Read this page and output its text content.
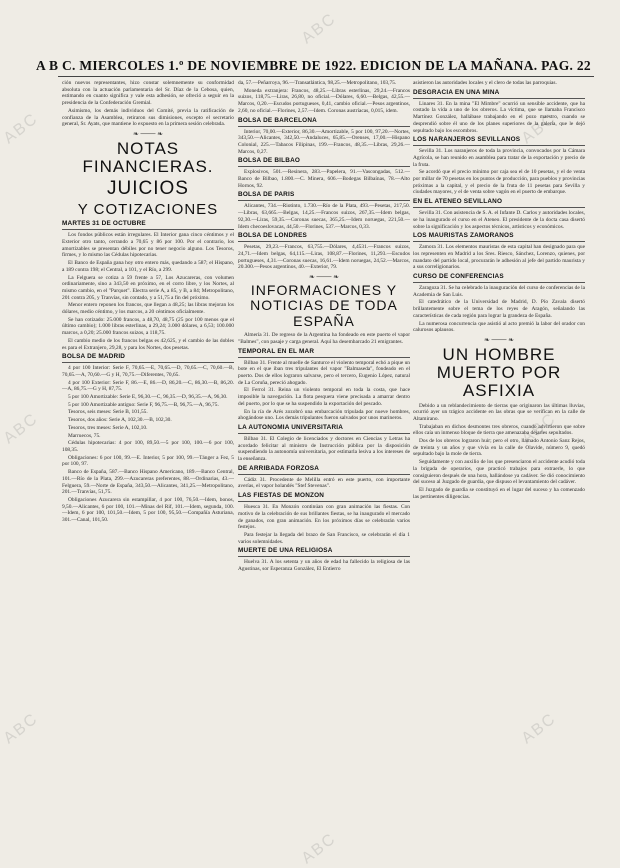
ABC
ABC
ABC
ABC
ABC
ABC
ABC
ABC
A B C. MIERCOLES 1.º DE NOVIEMBRE DE 1922. EDICION DE LA MAÑANA. PAG. 22

ción nuevos representantes, hizo constar solemnemente su conformidad absoluta con la actuación parlamentaria del Sr. Díaz de la Cebosa, quien, estimando en cuanto significa y vale esta adhesión, se ofreció a seguir en la presidencia de la Confederación Gremial.

Asimismo, los demás individuos del Comité, previa la ratificación de confianza de la Asamblea, retiraron sus dimisiones, excepto el secretario general, Sr. Ayats, que mantiene lo expuesto en la primera sesión celebrada.

❧ ─── ❧
NOTAS FINANCIERAS.
JUICIOS
Y COTIZACIONES
MARTES 31 DE OCTUBRE

Los fondos públicos están irregulares. El Interior gana cinco céntimos y el Exterior otro tanto, cerrando a 70,65 y 86 por 100. Por el contrario, los amortizables se presentan débiles por no tener negocio alguno. Los Tesoros, firmes, y lo mismo las Cédulas hipotecarias.

El Banco de España gana hoy otro entero más, quedando a 587; el Hispano, a 189 contra 198; el Central, a 101, y el Río, a 299.

La Felguera se cotiza a 59 frente a 57, Los Azucareras, con volumen ordinariamente, sino a 343,50 en próximo, en el corro libre, y los Nortes, al mismo cambio, en el "Parquet". Electra serie A, a 85, y B, a 84; Metropolitano, 201 contra 205, y Tranvías, sin contado, y a 51,75 a fin del próximo.

Menor entero reponen los francos, que llegan a 48,25; las libras mejoran los dólares, medio céntimo, y los marcos, a 20 céntimos oficialmente.

Se han cotizado: 25.000 francos, a 48,70, 48,75 (25 por 100 menos que el último cambio); 1.000 libras esterlinas, a 29,24; 3.000 dólares, a 6,53; 100.000 marcos, a 0,20; 25.000 francos suizos, a 118,75.

El cambio medio de los francos belgas es 42,625, y el cambio de las dobles es para el Extranjero, 29,28, y para los Nortes, dos pesetas.

BOLSA DE MADRID

4 por 100 Interior: Serie F, 70,65.—E, 70,65.—D, 70,65.—C, 70,60.—B, 70,65.—A, 70,60.—G y H, 70,75.—Diferentes, 70,65.

4 por 100 Exterior: Serie F, 86.—E, 86.—D, 86,20.—C, 86,30.—B, 86,20.—A, 86,75.—G y H, 87,75.

5 por 100 Amortizable: Serie E, 96,30.—C, 96,35.—D, 96,35.—A, 96,30.

5 por 100 Amortizable antiguo: Serie F, 96,75.—B, 96,75.—A, 96,75.

Tesoros, seis meses: Serie B, 101,55.

Tesoros, dos años: Serie A, 102,30.—B, 102,30.

Tesoros, tres meses: Serie A, 102,10.

Marruecos, 75.

Cédulas hipotecarias: 4 por 100, 89,50.—5 por 100, 100.—6 por 100, 108,35.

Obligaciones: 6 por 100, 99.—E. Interior, 5 por 100, 99.—Tánger a Fez, 5 por 100, 97.

Banco de España, 587.—Banco Hispano Americano, 189.—Banco Central, 101.—Río de la Plata, 299.—Azucareras preferentes, 88.—Ordinarias, 43.—Felguera, 59.—Norte de España, 343,50.—Alicantes, 341,25.—Metropolitano, 201.—Tranvías, 51,75.

Obligaciones Azucarera sin estampillar, 4 por 100, 76,50.—Idem, bonos, 9,50.—Alicantes, 6 por 100, 101.—Minas del Rif, 101.—Idem, segunda, 100.—Idem, 6 por 100, 101,50.—Idem, 5 por 100, 95,50.—Compañía Asturiana, 301.—Canal, 101,50.

da, 57.—Peñarroya, 96.—Transatlántica, 98,25.—Metropolitano, 103,75.

Moneda extranjera: Francos, 48,25.—Libras esterlinas, 29,24.—Francos suizos, 118,75.—Liras, 26,80, no oficial.—Dólares, 6,60.—Belgas, 42,55.—Marcos, 0,20.—Escudos portugueses, 0,41, cambio oficial.—Pesos argentinos, 2,60, no oficial.—Florines, 2,57.—Idem. Coronas austríacas, 0,015, idem.

BOLSA DE BARCELONA

Interior, 70,00.—Exterior, 86,30.—Amortizable, 5 por 100, 97,20.—Nortes, 343,50.—Alicantes, 342,50.—Andaluces, 65,85.—Orenses, 17,00.—Hispano Colonial, 225.—Tabacos Filipinas, 199.—Francos, 48,35.—Libras, 29,26.—Marcos, 0,27.

BOLSA DE BILBAO

Explosivos, 501.—Resinera, 283.—Papelera, 91.—Vascongadas, 512.—Banco de Bilbao, 1.800.—C. Minera, 606.—Bodegas Bilbaínas, 78.—Alto Hornos, 92.

BOLSA DE PARIS

Alicantes, 734.—Riotinto, 1.730.—Río de la Plata, 493.—Pesetas, 217,50.—Libras, 63,665.—Belgas, 14,25.—Francos suizos, 267,35.—Idem belgas, 92,30.—Liras, 59,35.—Coronas suecas, 365,25.—Idem noruegas, 221,50.—Idem checoeslovacas, 44,50.—Florines, 537.—Marcos, 0,33.

BOLSA DE LONDRES

Pesetas, 29,23.—Francos, 63,755.—Dólares, 4,4531.—Francos suizos, 24,71.—Idem belgas, 64,115.—Liras, 108,87.—Florines, 11,293.—Escudos portugueses, 4,31.—Coronas suecas, 16,61.—Idem noruegas, 24,52.—Marcos, 20.300.—Pesos argentinos, 40.—Exterior, 79.

❧ ─── ❧
INFORMACIONES Y NOTICIAS DE TODA ESPAÑA

Almería 31. De regreso de la Argentina ha fondeado en este puerto el vapor "Balmes", con pasaje y carga general. Aquí ha desembarcado 21 emigrantes.

TEMPORAL EN EL MAR

Bilbao 31. Frente al muelle de Santurce el violento temporal echó a pique un bote en el que iban tres tripulantes del vapor "Balmaseda", fondeado en el puerto. Dos de ellos lograron salvarse, pero el tercero, Eugenio López, natural de La Coruña, pereció ahogado.

El Ferrol 31. Reina un violento temporal en toda la costa, que hace imposible la navegación. La flota pesquera viene precisada a amarrar dentro del puerto, por lo que se ha suspendido la exportación del pescado.

En la ría de Arés zozobró una embarcación tripulada por nueve hombres, ahogándose uno. Los demás tripulantes fueron salvados por unos marineros.

LA AUTONOMIA UNIVERSITARIA

Bilbao 31. El Colegio de licenciados y doctores en Ciencias y Letras ha acordado felicitar al ministro de Instrucción pública por la disposición suspendiendo la autonomía universitaria, por estimarla lesiva a los intereses de la enseñanza.

DE ARRIBADA FORZOSA

Cádiz 31. Procedente de Melilla entró en este puerto, con importante averías, el vapor holandés "Stef Stevenas".

LAS FIESTAS DE MONZON

Huesca 31. En Monzón continúan con gran animación las fiestas. Con motivo de la celebración de sus brillantes fiestas, se ha inaugurado el mercado de ganados, con gran animación. En los próximos días se celebrarán varios festejos.

Para festejar la llegada del brazo de San Francisco, se celebrarán el día 1 varios solemnidades.

MUERTE DE UNA RELIGIOSA

Huelva 31. A los setenta y un años de edad ha fallecido la religiosa de las Agustinas, sor Esperanza González, El Entierro

asistieron las autoridades locales y el clero de todas las parroquias.

DESGRACIA EN UNA MINA

Linares 31. En la mina "El Mimbre" ocurrió un sensible accidente, que ha costado la vida a uno de los obreros. La víctima, que se llamaba Francisco Martínez González, hallábase trabajando en el pozo maestro, cuando se desprendió sobre él uno de los planes superiores de la galería, que le dejó sepultado bajo los escombros.

LOS NARANJEROS SEVILLANOS

Sevilla 31. Los naranjeros de toda la provincia, convocados por la Cámara Agrícola, se han reunido en asamblea para tratar de la exportación y precio de la fruta.

Se acordó que el precio mínimo por caja sea el de 10 pesetas, y el de venta por millar de 70 pesetas en los puntos de producción, para pueblos y provincias próximas a la capital, y el precio de la fruta de 11 pesetas para Sevilla y ciudades mayores, y el de venta sobre vagón en el puerto de embarque.

EN EL ATENEO SEVILLANO

Sevilla 31. Con asistencia de S. A. el Infante D. Carlos y autoridades locales, se ha inaugurado el curso en el Ateneo. El presidente de la docta casa disertó sobre la significación y los aspectos técnicos, artísticos y económicos.

LOS MAURISTAS ZAMORANOS

Zamora 31. Los elementos mauristas de esta capital han designado para que los representen en Madrid a los Sres. Riesco, Sánchez, Lorenzo, quienes, por mandato del partido local, procurarán le adhesión al jefe del partido maurista y a sus correligionarios.

CURSO DE CONFERENCIAS

Zaragoza 31. Se ha celebrado la inauguración del curso de conferencias de la Academia de San Luis.

El catedrático de la Universidad de Madrid, D. Pío Zavala disertó brillantemente sobre el tema de los reyes de Aragón, señalando las características de cada región para lograr la grandeza de España.

La numerosa concurrencia que asistió al acto premió la labor del orador con calurosos aplausos.

❧ ─── ❧
UN HOMBRE MUERTO POR ASFIXIA

Debido a un reblandecimiento de tierras que originaron las últimas lluvias, ocurrió ayer un trágico accidente en las obras que se verifican en la calle de Altamirano.

Trabajaban en dichos desmontes tres obreros, cuando advirtieron que sobre ellos caía un inmenso bloque de tierra que amenazaba dejarles sepultados.

Dos de los obreros lograron huir; pero el otro, llamado Antonio Sanz Rejos, de treinta y un años y que vivía en la calle de Olavide, número 9, quedó sepultado bajo la mole de tierra.

Seguidamente y con auxilio de los que presenciaron el accidente acudió toda la brigada de operarios, que practicó trabajos para extraerle, lo que consiguieron después de una hora, hallándose ya cadáver. Se dió conocimiento del suceso al Juzgado de guardia, que dispuso el levantamiento del cadáver.

El Juzgado de guardia se constituyó en el lugar del suceso y ha comenzado las pertinentes diligencias.
